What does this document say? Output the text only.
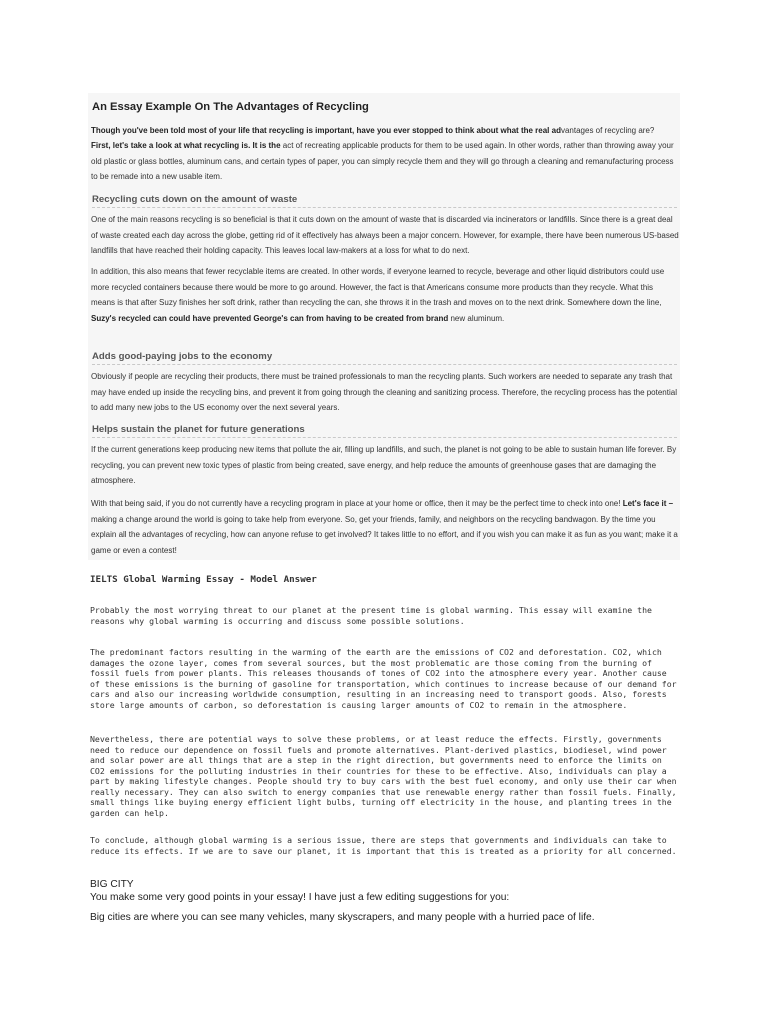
An Essay Example On The Advantages of Recycling

Though you've been told most of your life that recycling is important, have you ever stopped to think about what the real advantages of recycling are?

First, let's take a look at what recycling is. It is the act of recreating applicable products for them to be used again. In other words, rather than throwing away your old plastic or glass bottles, aluminum cans, and certain types of paper, you can simply recycle them and they will go through a cleaning and remanufacturing process to be remade into a new usable item.

Recycling cuts down on the amount of waste

One of the main reasons recycling is so beneficial is that it cuts down on the amount of waste that is discarded via incinerators or landfills. Since there is a great deal of waste created each day across the globe, getting rid of it effectively has always been a major concern. However, for example, there have been numerous US-based landfills that have reached their holding capacity. This leaves local law-makers at a loss for what to do next.

In addition, this also means that fewer recyclable items are created. In other words, if everyone learned to recycle, beverage and other liquid distributors could use more recycled containers because there would be more to go around. However, the fact is that Americans consume more products than they recycle. What this means is that after Suzy finishes her soft drink, rather than recycling the can, she throws it in the trash and moves on to the next drink. Somewhere down the line, Suzy's recycled can could have prevented George's can from having to be created from brand new aluminum.

Adds good-paying jobs to the economy

Obviously if people are recycling their products, there must be trained professionals to man the recycling plants. Such workers are needed to separate any trash that may have ended up inside the recycling bins, and prevent it from going through the cleaning and sanitizing process. Therefore, the recycling process has the potential to add many new jobs to the US economy over the next several years.

Helps sustain the planet for future generations

If the current generations keep producing new items that pollute the air, filling up landfills, and such, the planet is not going to be able to sustain human life forever. By recycling, you can prevent new toxic types of plastic from being created, save energy, and help reduce the amounts of greenhouse gases that are damaging the atmosphere.

With that being said, if you do not currently have a recycling program in place at your home or office, then it may be the perfect time to check into one! Let's face it – making a change around the world is going to take help from everyone. So, get your friends, family, and neighbors on the recycling bandwagon. By the time you explain all the advantages of recycling, how can anyone refuse to get involved? It takes little to no effort, and if you wish you can make it as fun as you want; make it a game or even a contest!

IELTS Global Warming Essay - Model Answer

Probably the most worrying threat to our planet at the present time is global warming. This essay will examine the reasons why global warming is occurring and discuss some possible solutions.

The predominant factors resulting in the warming of the earth are the emissions of CO2 and deforestation. CO2, which damages the ozone layer, comes from several sources, but the most problematic are those coming from the burning of fossil fuels from power plants. This releases thousands of tones of CO2 into the atmosphere every year. Another cause of these emissions is the burning of gasoline for transportation, which continues to increase because of our demand for cars and also our increasing worldwide consumption, resulting in an increasing need to transport goods. Also, forests store large amounts of carbon, so deforestation is causing larger amounts of CO2 to remain in the atmosphere.

Nevertheless, there are potential ways to solve these problems, or at least reduce the effects. Firstly, governments need to reduce our dependence on fossil fuels and promote alternatives. Plant-derived plastics, biodiesel, wind power and solar power are all things that are a step in the right direction, but governments need to enforce the limits on CO2 emissions for the polluting industries in their countries for these to be effective. Also, individuals can play a part by making lifestyle changes. People should try to buy cars with the best fuel economy, and only use their car when really necessary. They can also switch to energy companies that use renewable energy rather than fossil fuels. Finally, small things like buying energy efficient light bulbs, turning off electricity in the house, and planting trees in the garden can help.

To conclude, although global warming is a serious issue, there are steps that governments and individuals can take to reduce its effects. If we are to save our planet, it is important that this is treated as a priority for all concerned.

BIG CITY
You make some very good points in your essay! I have just a few editing suggestions for you:
Big cities are where you can see many vehicles, many skyscrapers, and many people with a hurried pace of life.
